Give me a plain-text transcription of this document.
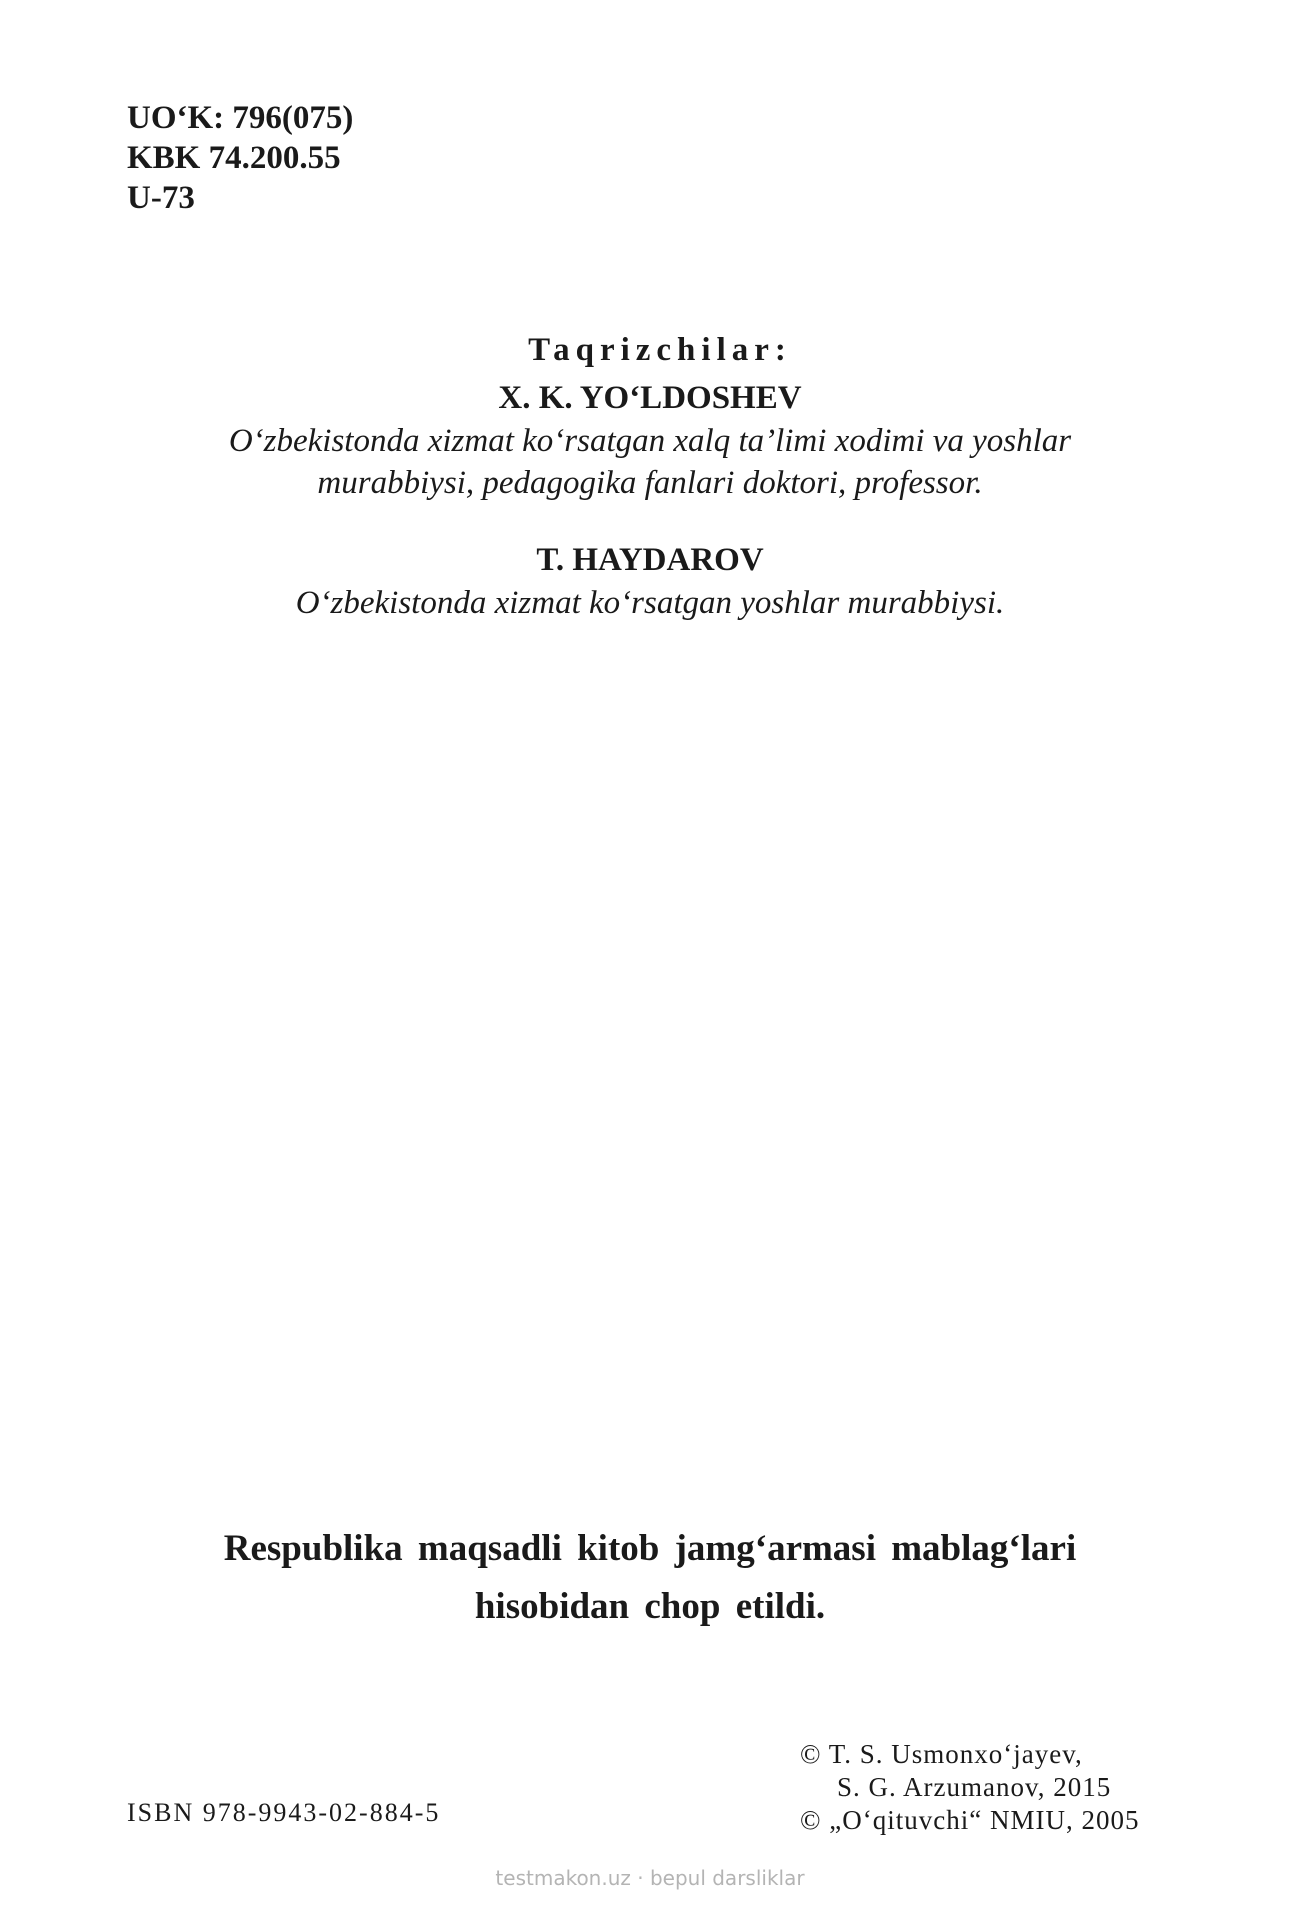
UO‘K: 796(075)
KBK 74.200.55
U-73
Taqrizchilar:
X. K. YO‘LDOSHEV
O‘zbekistonda xizmat ko‘rsatgan xalq ta’limi xodimi va yoshlar
murabbiysi, pedagogika fanlari doktori, professor.
T. HAYDAROV
O‘zbekistonda xizmat ko‘rsatgan yoshlar murabbiysi.
Respublika maqsadli kitob jamg‘armasi mablag‘lari
hisobidan chop etildi.
ISBN 978-9943-02-884-5
© T. S. Usmonxo‘jayev,
S. G. Arzumanov, 2015
© „O‘qituvchi“ NMIU, 2005
testmakon.uz · bepul darsliklar
